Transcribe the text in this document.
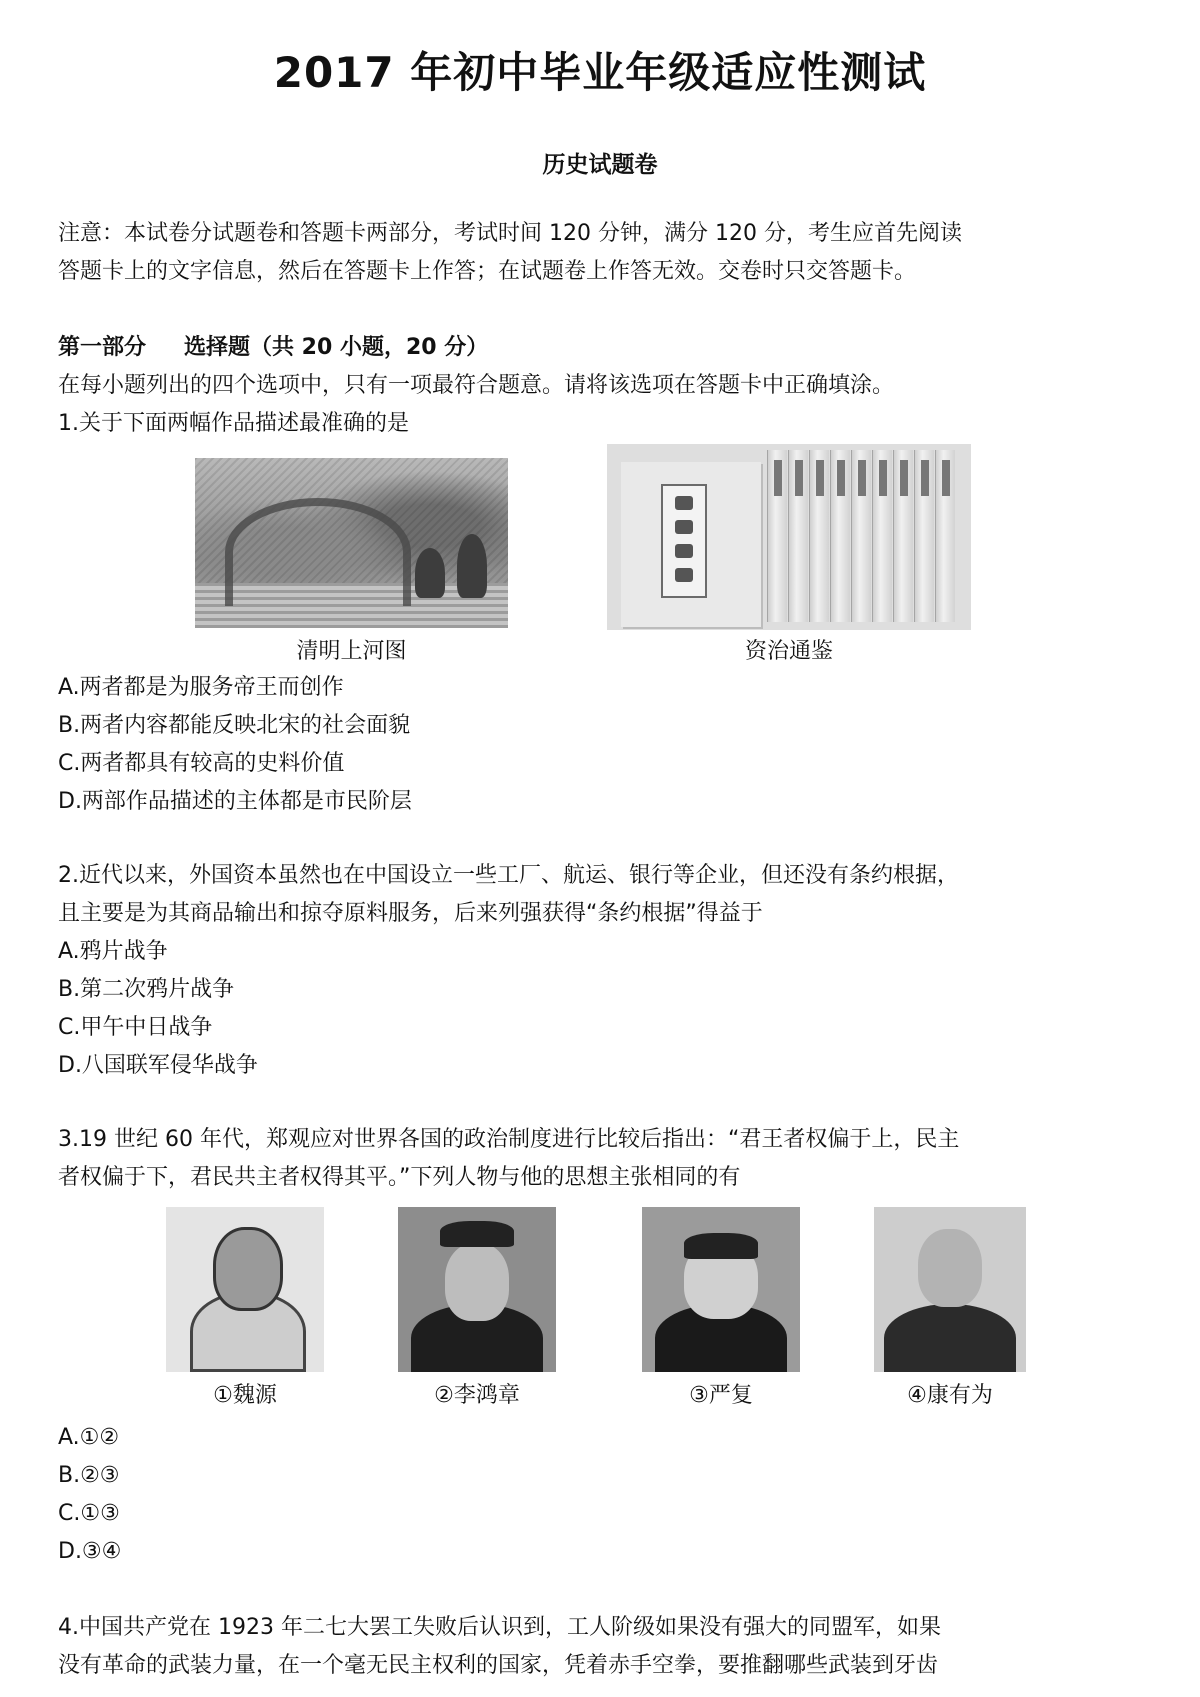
2017 年初中毕业年级适应性测试
历史试题卷
注意：本试卷分试题卷和答题卡两部分，考试时间 120 分钟，满分 120 分，考生应首先阅读
答题卡上的文字信息，然后在答题卡上作答；在试题卷上作答无效。交卷时只交答题卡。
第一部分 选择题（共 20 小题，20 分）
在每小题列出的四个选项中，只有一项最符合题意。请将该选项在答题卡中正确填涂。
1.关于下面两幅作品描述最准确的是
清明上河图	资治通鉴
A.两者都是为服务帝王而创作
B.两者内容都能反映北宋的社会面貌
C.两者都具有较高的史料价值
D.两部作品描述的主体都是市民阶层
2.近代以来，外国资本虽然也在中国设立一些工厂、航运、银行等企业，但还没有条约根据，
且主要是为其商品输出和掠夺原料服务，后来列强获得“条约根据”得益于
A.鸦片战争
B.第二次鸦片战争
C.甲午中日战争
D.八国联军侵华战争
3.19 世纪 60 年代，郑观应对世界各国的政治制度进行比较后指出：“君王者权偏于上，民主
者权偏于下，君民共主者权得其平。”下列人物与他的思想主张相同的有
①魏源	②李鸿章	③严复	④康有为
A.①②
B.②③
C.①③
D.③④
4.中国共产党在 1923 年二七大罢工失败后认识到，工人阶级如果没有强大的同盟军，如果
没有革命的武装力量，在一个毫无民主权利的国家，凭着赤手空拳，要推翻哪些武装到牙齿
